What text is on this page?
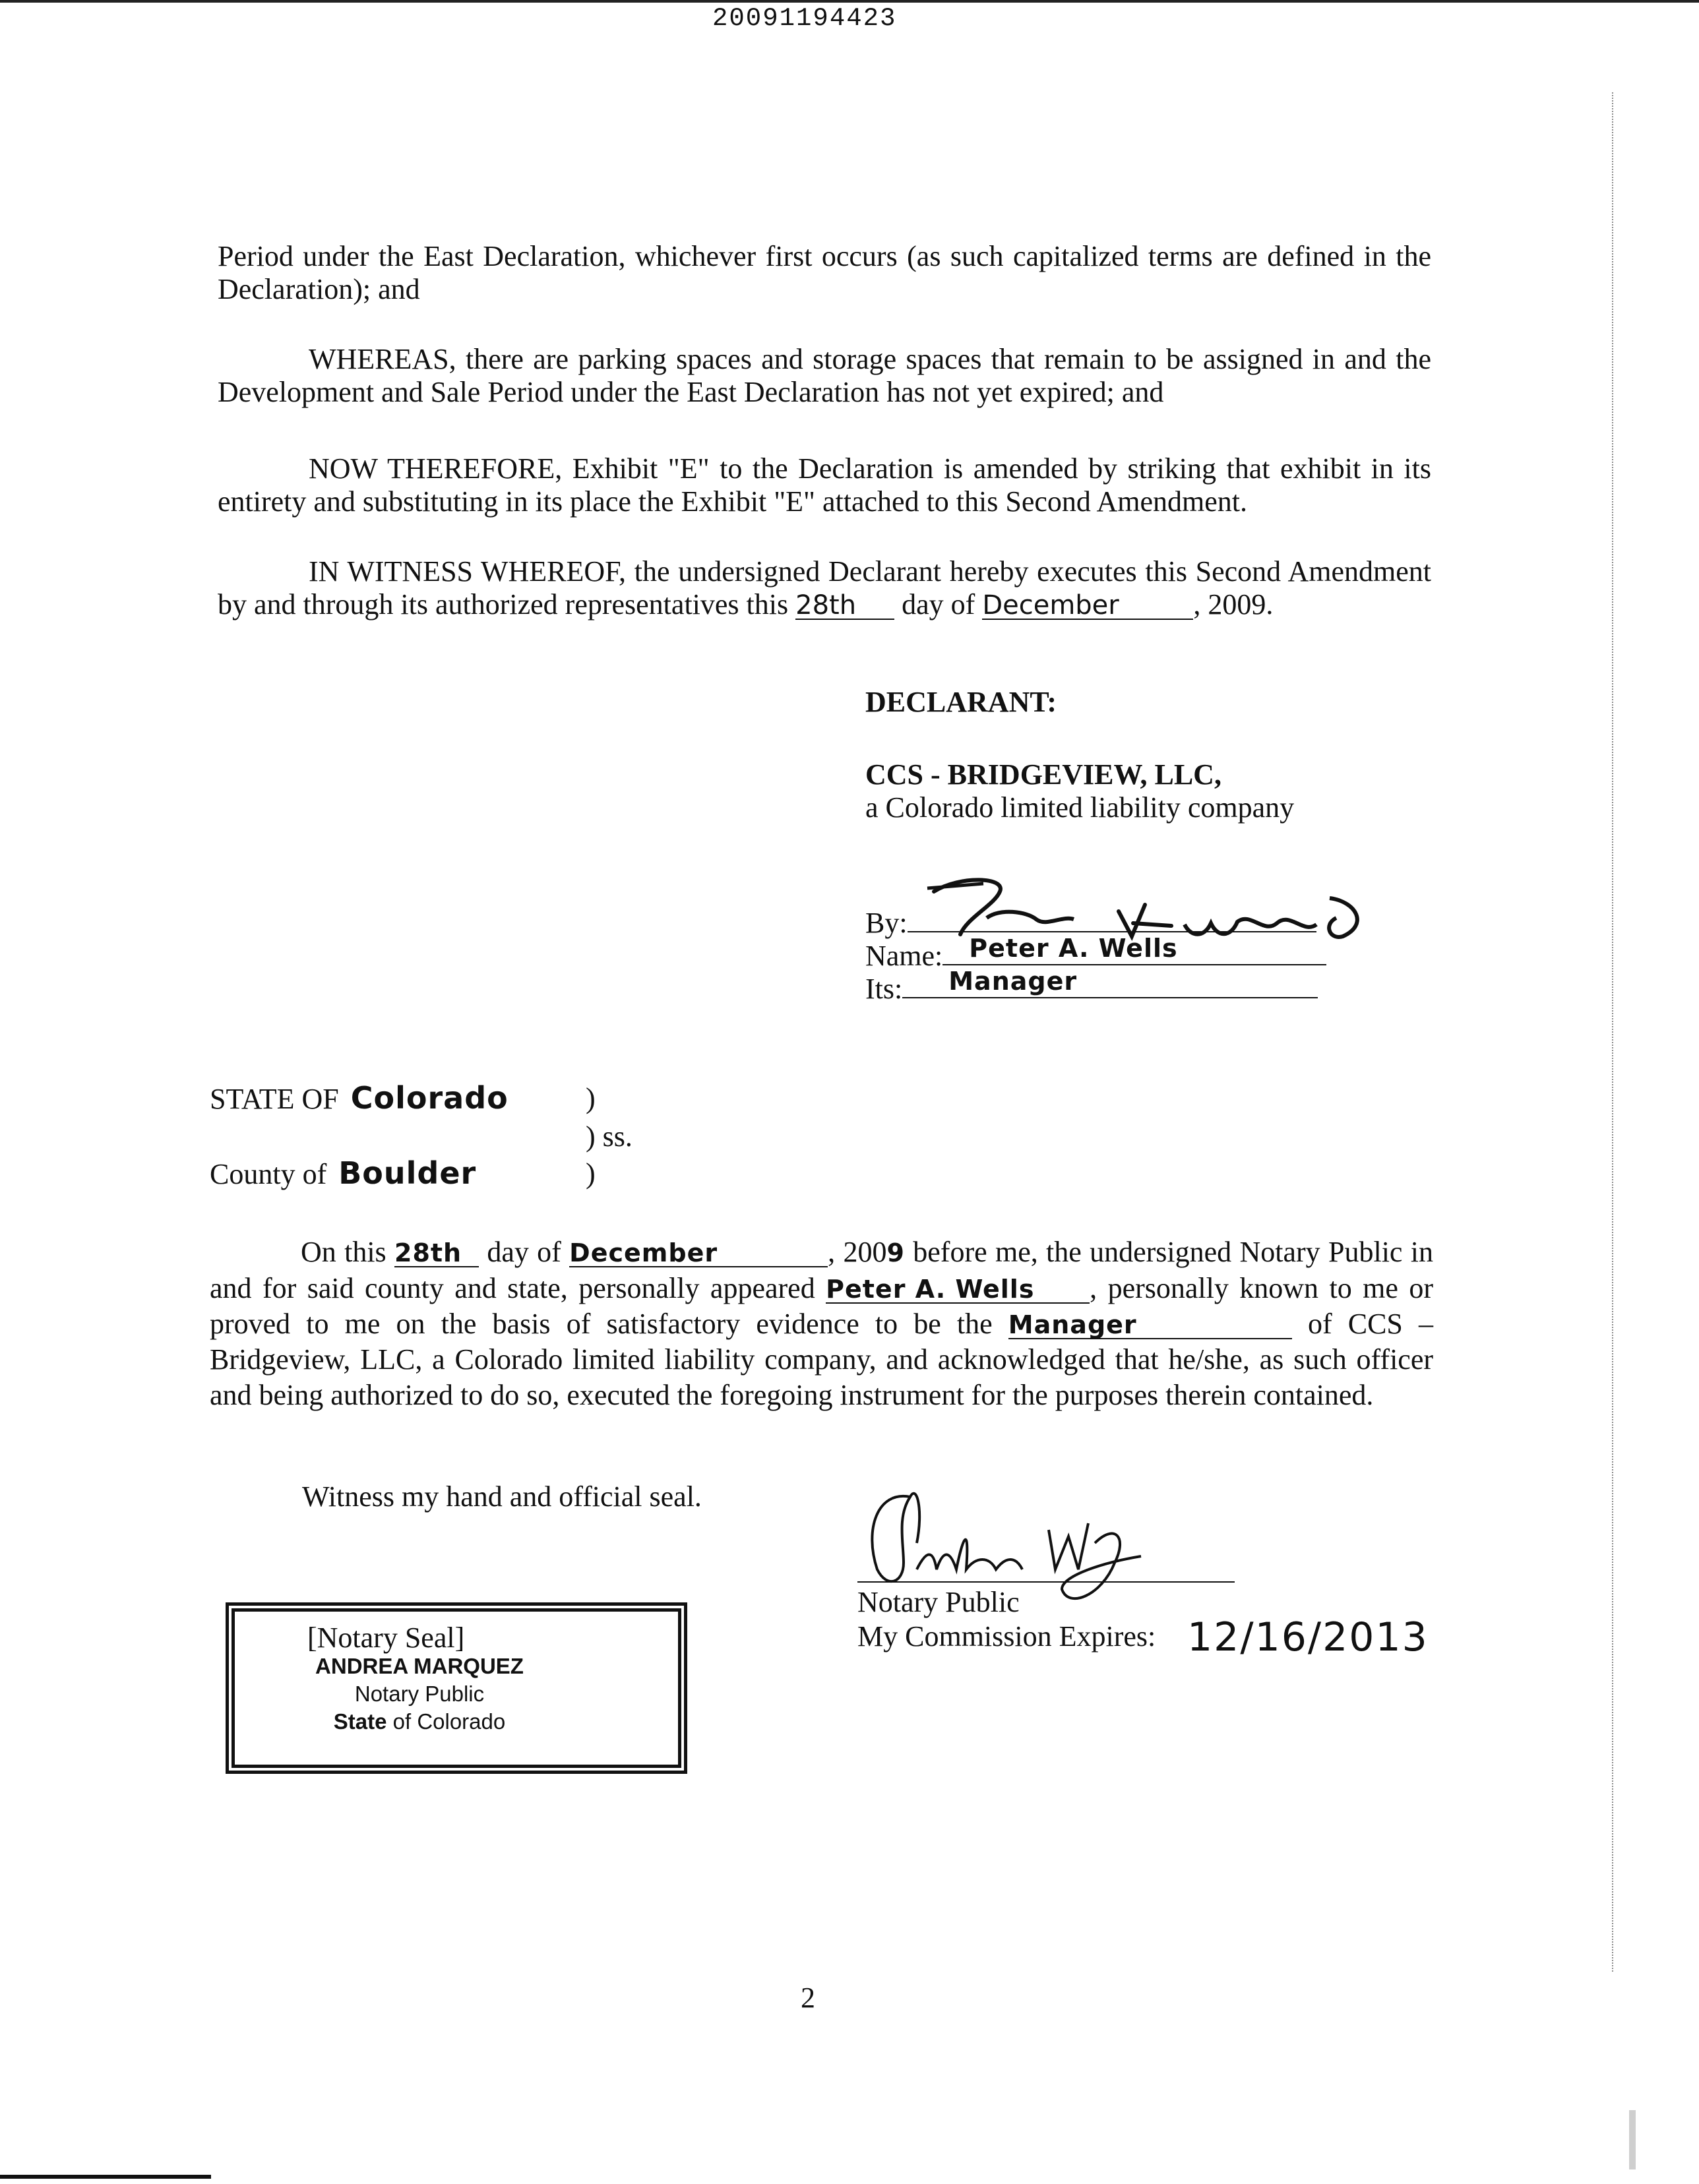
20091194423

Period under the East Declaration, whichever first occurs (as such capitalized terms are defined in the Declaration); and

WHEREAS, there are parking spaces and storage spaces that remain to be assigned in and the Development and Sale Period under the East Declaration has not yet expired; and

NOW THEREFORE, Exhibit "E" to the Declaration is amended by striking that exhibit in its entirety and substituting in its place the Exhibit "E" attached to this Second Amendment.

IN WITNESS WHEREOF, the undersigned Declarant hereby executes this Second Amendment by and through its authorized representatives this 28th day of December	, 2009.

DECLARANT:

CCS - BRIDGEVIEW, LLC,

a Colorado limited liability company

By:
Name: Peter A. Wells
Its: Manager
STATE OF Colorado
County of Boulder
)
) ss.
)

On this 28th day of December	, 2009 before me, the undersigned Notary Public in and for said county and state, personally appeared Peter A. Wells , personally known to me or proved to me on the basis of satisfactory evidence to be the Manager	of CCS – Bridgeview, LLC, a Colorado limited liability company, and acknowledged that he/she, as such officer and being authorized to do so, executed the foregoing instrument for the purposes therein contained.

Witness my hand and official seal.
Notary Public
My Commission Expires: 12/16/2013
[Notary Seal]
ANDREA MARQUEZ
Notary Public
State of Colorado
2
